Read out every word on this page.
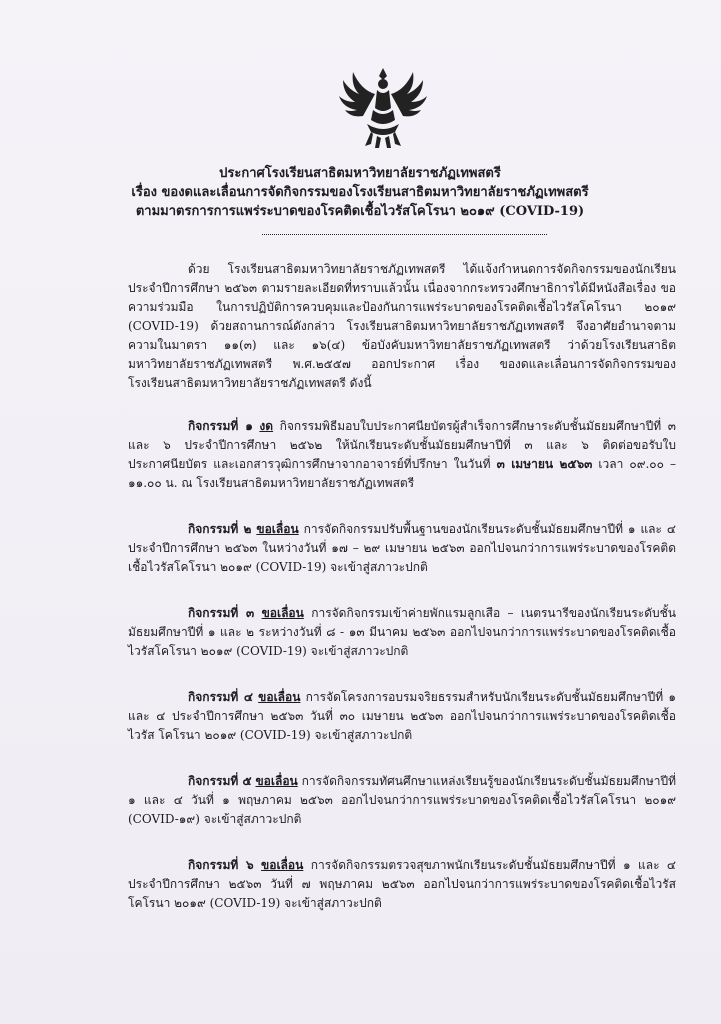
ประกาศโรงเรียนสาธิตมหาวิทยาลัยราชภัฏเทพสตรี
เรื่อง ของดและเลื่อนการจัดกิจกรรมของโรงเรียนสาธิตมหาวิทยาลัยราชภัฏเทพสตรี
ตามมาตรการการแพร่ระบาดของโรคติดเชื้อไวรัสโคโรนา ๒๐๑๙ (COVID-19)

ด้วย โรงเรียนสาธิตมหาวิทยาลัยราชภัฏเทพสตรี ได้แจ้งกำหนดการจัดกิจกรรมของนักเรียนประจำปีการศึกษา ๒๕๖๓ ตามรายละเอียดที่ทราบแล้วนั้น เนื่องจากกระทรวงศึกษาธิการได้มีหนังสือเรื่อง ขอความร่วมมือ ในการปฏิบัติการควบคุมและป้องกันการแพร่ระบาดของโรคติดเชื้อไวรัสโคโรนา ๒๐๑๙ (COVID-19) ด้วยสถานการณ์ดังกล่าว โรงเรียนสาธิตมหาวิทยาลัยราชภัฏเทพสตรี จึงอาศัยอำนาจตามความในมาตรา ๑๑(๓) และ ๑๖(๔) ข้อบังคับมหาวิทยาลัยราชภัฏเทพสตรี ว่าด้วยโรงเรียนสาธิตมหาวิทยาลัยราชภัฏเทพสตรี พ.ศ.๒๕๕๗ ออกประกาศ เรื่อง ของดและเลื่อนการจัดกิจกรรมของโรงเรียนสาธิตมหาวิทยาลัยราชภัฏเทพสตรี ดังนี้

กิจกรรมที่ ๑ งด กิจกรรมพิธีมอบใบประกาศนียบัตรผู้สำเร็จการศึกษาระดับชั้นมัธยมศึกษาปีที่ ๓ และ ๖ ประจำปีการศึกษา ๒๕๖๒ ให้นักเรียนระดับชั้นมัธยมศึกษาปีที่ ๓ และ ๖ ติดต่อขอรับใบประกาศนียบัตร และเอกสารวุฒิการศึกษาจากอาจารย์ที่ปรึกษา ในวันที่ ๓ เมษายน ๒๕๖๓ เวลา ๐๙.๐๐ – ๑๑.๐๐ น. ณ โรงเรียนสาธิตมหาวิทยาลัยราชภัฏเทพสตรี

กิจกรรมที่ ๒ ขอเลื่อน การจัดกิจกรรมปรับพื้นฐานของนักเรียนระดับชั้นมัธยมศึกษาปีที่ ๑ และ ๔ ประจำปีการศึกษา ๒๕๖๓ ในหว่างวันที่ ๑๗ – ๒๙ เมษายน ๒๕๖๓ ออกไปจนกว่าการแพร่ระบาดของโรคติดเชื้อไวรัสโคโรนา ๒๐๑๙ (COVID-19) จะเข้าสู่สภาวะปกติ

กิจกรรมที่ ๓ ขอเลื่อน การจัดกิจกรรมเข้าค่ายพักแรมลูกเสือ – เนตรนารีของนักเรียนระดับชั้นมัธยมศึกษาปีที่ ๑ และ ๒ ระหว่างวันที่ ๘ - ๑๓ มีนาคม ๒๕๖๓ ออกไปจนกว่าการแพร่ระบาดของโรคติดเชื้อไวรัสโคโรนา ๒๐๑๙ (COVID-19) จะเข้าสู่สภาวะปกติ

กิจกรรมที่ ๔ ขอเลื่อน การจัดโครงการอบรมจริยธรรมสำหรับนักเรียนระดับชั้นมัธยมศึกษาปีที่ ๑ และ ๔ ประจำปีการศึกษา ๒๕๖๓ วันที่ ๓๐ เมษายน ๒๕๖๓ ออกไปจนกว่าการแพร่ระบาดของโรคติดเชื้อไวรัส โคโรนา ๒๐๑๙ (COVID-19) จะเข้าสู่สภาวะปกติ

กิจกรรมที่ ๕ ขอเลื่อน การจัดกิจกรรมทัศนศึกษาแหล่งเรียนรู้ของนักเรียนระดับชั้นมัธยมศึกษาปีที่ ๑ และ ๔ วันที่ ๑ พฤษภาคม ๒๕๖๓ ออกไปจนกว่าการแพร่ระบาดของโรคติดเชื้อไวรัสโคโรนา ๒๐๑๙ (COVID-๑๙) จะเข้าสู่สภาวะปกติ

กิจกรรมที่ ๖ ขอเลื่อน การจัดกิจกรรมตรวจสุขภาพนักเรียนระดับชั้นมัธยมศึกษาปีที่ ๑ และ ๔ ประจำปีการศึกษา ๒๕๖๓ วันที่ ๗ พฤษภาคม ๒๕๖๓ ออกไปจนกว่าการแพร่ระบาดของโรคติดเชื้อไวรัสโคโรนา ๒๐๑๙ (COVID-19) จะเข้าสู่สภาวะปกติ
